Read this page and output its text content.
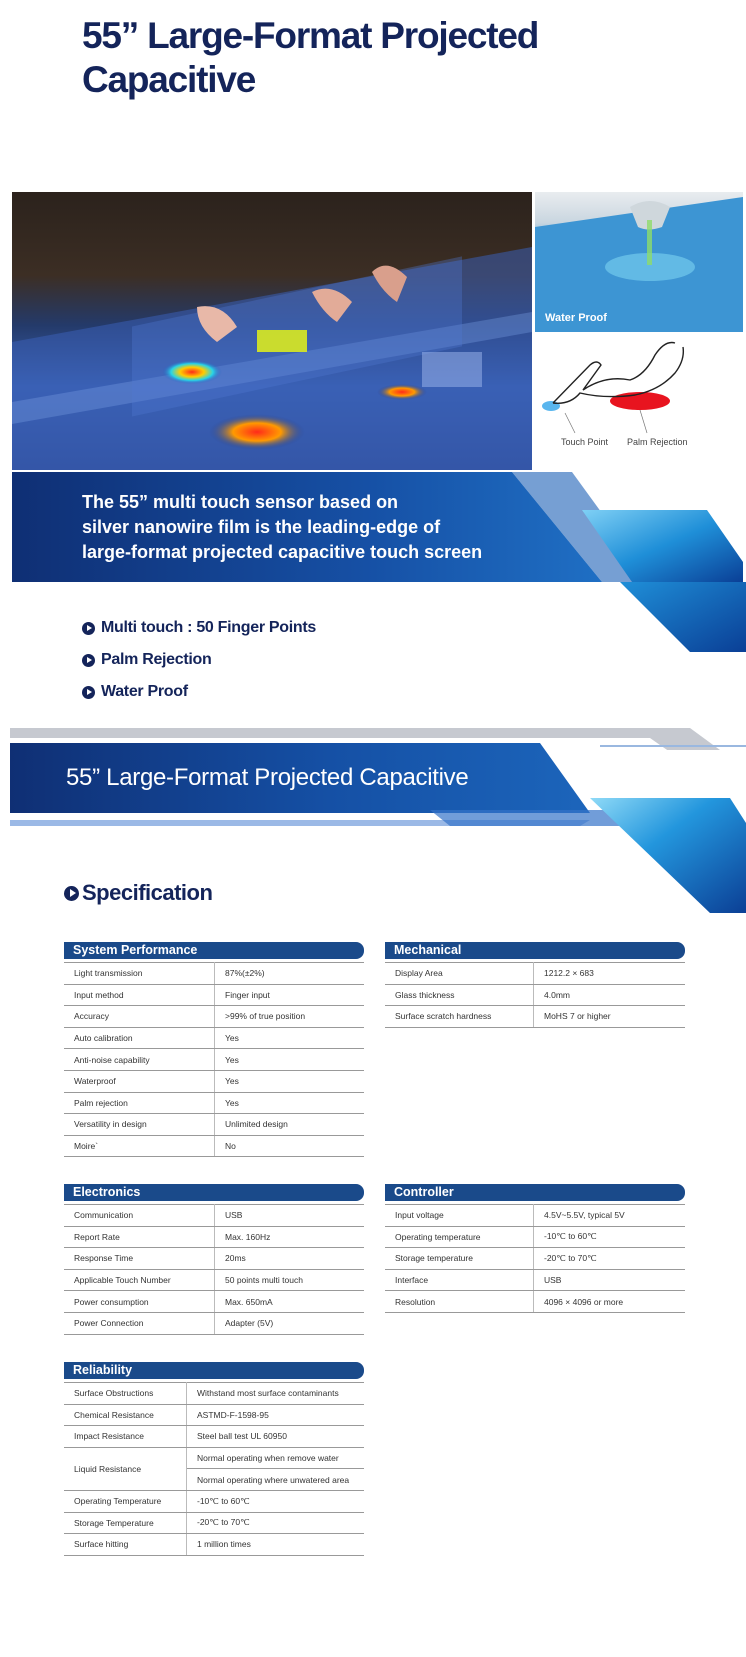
55” Large-Format Projected Capacitive
Water Proof
Touch Point Palm Rejection
The 55” multi touch sensor based on
silver nanowire film is the leading-edge of
large-format projected capacitive touch screen
Multi touch : 50 Finger Points
Palm Rejection
Water Proof
55” Large-Format Projected Capacitive
Specification
System Performance
Light transmission	87%(±2%)
Input method	Finger input
Accuracy	>99% of true position
Auto calibration	Yes
Anti-noise capability	Yes
Waterproof	Yes
Palm rejection	Yes
Versatility in design	Unlimited design
Moire`	No
Mechanical
Display Area	1212.2 × 683
Glass thickness	4.0mm
Surface scratch hardness	MoHS 7 or higher
Electronics
Communication	USB
Report Rate	Max. 160Hz
Response Time	20ms
Applicable Touch Number	50 points multi touch
Power consumption	Max. 650mA
Power Connection	Adapter (5V)
Controller
Input voltage	4.5V~5.5V, typical 5V
Operating temperature	-10℃ to 60℃
Storage temperature	-20℃ to 70℃
Interface	USB
Resolution	4096 × 4096 or more
Reliability
Surface Obstructions	Withstand most surface contaminants
Chemical Resistance	ASTMD-F-1598-95
Impact Resistance	Steel ball test UL 60950
Liquid Resistance	Normal operating when remove water
	Normal operating where unwatered area
Operating Temperature	-10℃ to 60℃
Storage Temperature	-20℃ to 70℃
Surface hitting	1 million times
